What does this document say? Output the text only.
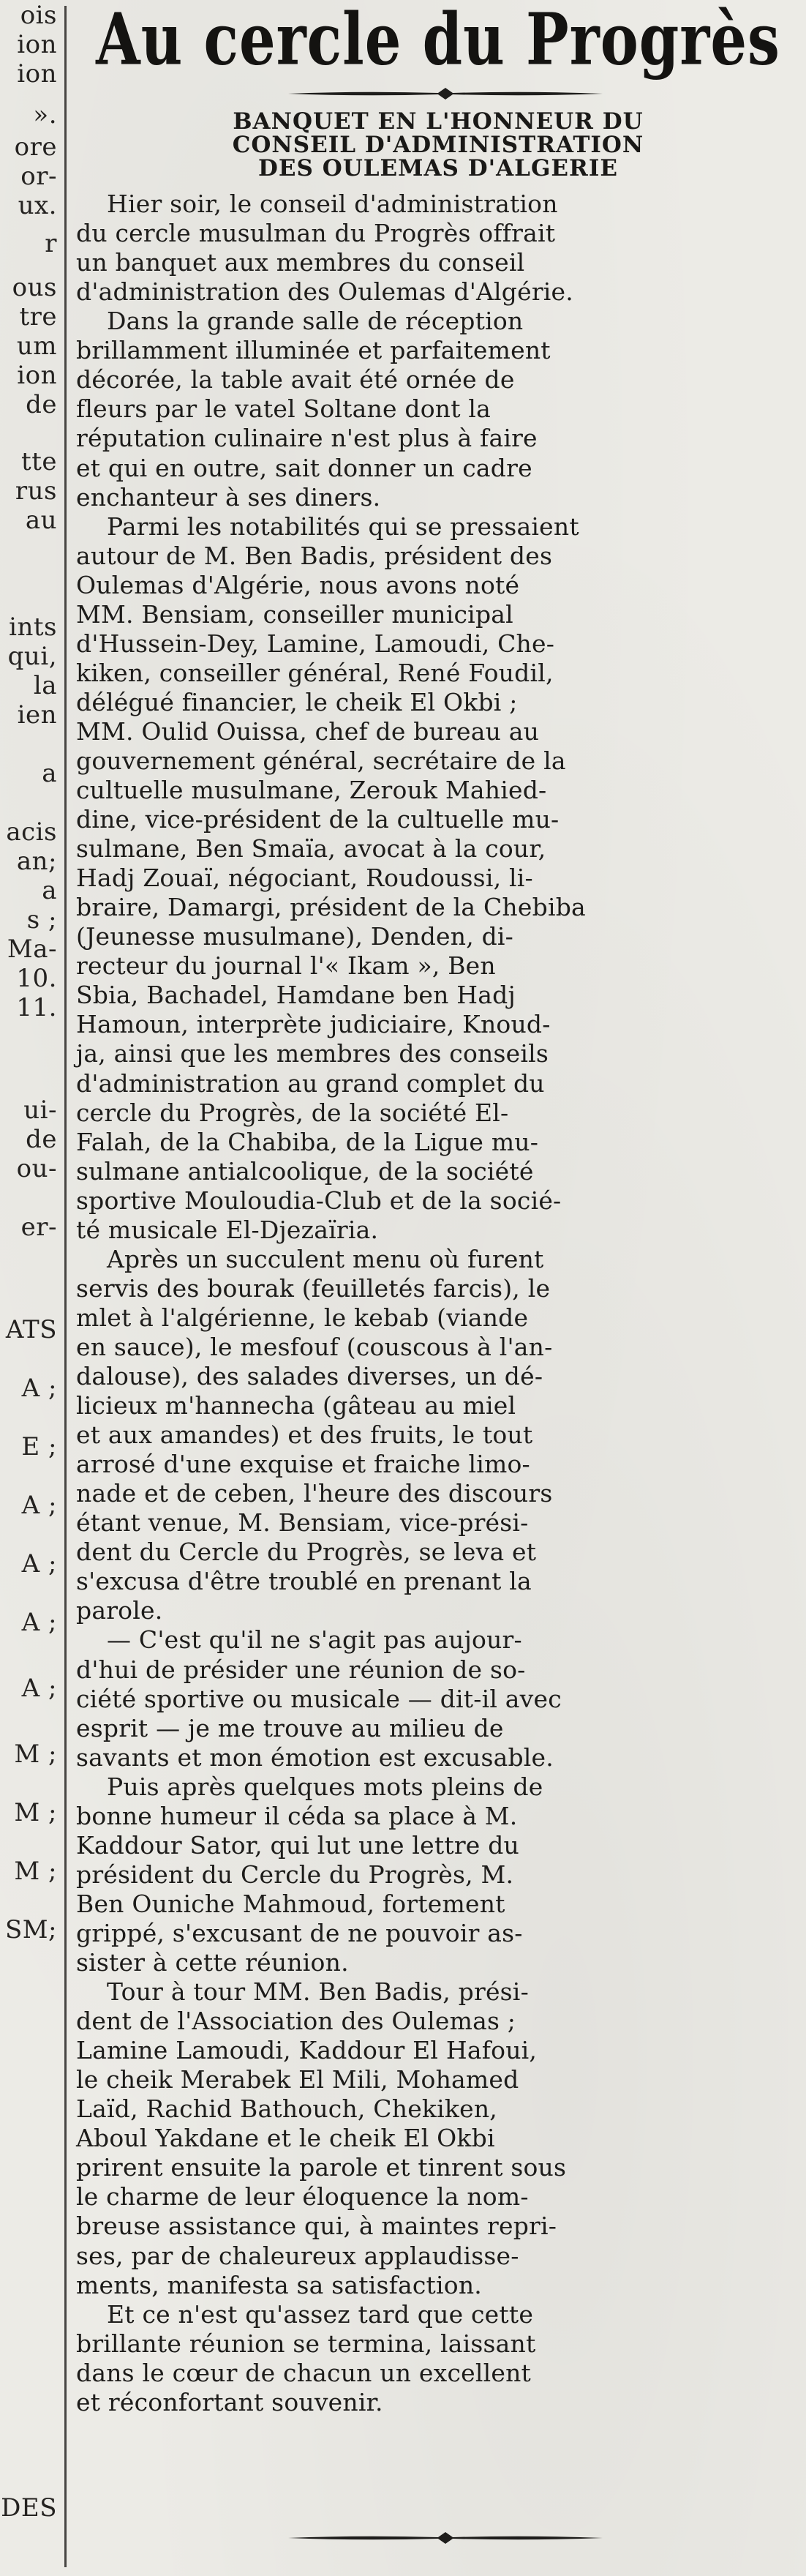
ois
ion
ion
».
ore
or-
ux.
r
ous
tre
um
ion
de
tte
rus
au
ints
qui,
la
ien
a
acis
an;
a
s ;
Ma-
10.
11.
ui-
de
ou-
er-
ATS
A ;
E ;
A ;
A ;
A ;
A ;
M ;
M ;
M ;
SM;
DES
Au cercle du Progrès
BANQUET EN L'HONNEUR DU
CONSEIL D'ADMINISTRATION
DES OULEMAS D'ALGERIE
Hier soir, le conseil d'administration
du cercle musulman du Progrès offrait
un banquet aux membres du conseil
d'administration des Oulemas d'Algérie.
Dans la grande salle de réception
brillamment illuminée et parfaitement
décorée, la table avait été ornée de
fleurs par le vatel Soltane dont la
réputation culinaire n'est plus à faire
et qui en outre, sait donner un cadre
enchanteur à ses diners.
Parmi les notabilités qui se pressaient
autour de M. Ben Badis, président des
Oulemas d'Algérie, nous avons noté
MM. Bensiam, conseiller municipal
d'Hussein-Dey, Lamine, Lamoudi, Che-
kiken, conseiller général, René Foudil,
délégué financier, le cheik El Okbi ;
MM. Oulid Ouissa, chef de bureau au
gouvernement général, secrétaire de la
cultuelle musulmane, Zerouk Mahied-
dine, vice-président de la cultuelle mu-
sulmane, Ben Smaïa, avocat à la cour,
Hadj Zouaï, négociant, Roudoussi, li-
braire, Damargi, président de la Chebiba
(Jeunesse musulmane), Denden, di-
recteur du journal l'« Ikam », Ben
Sbia, Bachadel, Hamdane ben Hadj
Hamoun, interprète judiciaire, Knoud-
ja, ainsi que les membres des conseils
d'administration au grand complet du
cercle du Progrès, de la société El-
Falah, de la Chabiba, de la Ligue mu-
sulmane antialcoolique, de la société
sportive Mouloudia-Club et de la socié-
té musicale El-Djezaïria.
Après un succulent menu où furent
servis des bourak (feuilletés farcis), le
mlet à l'algérienne, le kebab (viande
en sauce), le mesfouf (couscous à l'an-
dalouse), des salades diverses, un dé-
licieux m'hannecha (gâteau au miel
et aux amandes) et des fruits, le tout
arrosé d'une exquise et fraiche limo-
nade et de ceben, l'heure des discours
étant venue, M. Bensiam, vice-prési-
dent du Cercle du Progrès, se leva et
s'excusa d'être troublé en prenant la
parole.
— C'est qu'il ne s'agit pas aujour-
d'hui de présider une réunion de so-
ciété sportive ou musicale — dit-il avec
esprit — je me trouve au milieu de
savants et mon émotion est excusable.
Puis après quelques mots pleins de
bonne humeur il céda sa place à M.
Kaddour Sator, qui lut une lettre du
président du Cercle du Progrès, M.
Ben Ouniche Mahmoud, fortement
grippé, s'excusant de ne pouvoir as-
sister à cette réunion.
Tour à tour MM. Ben Badis, prési-
dent de l'Association des Oulemas ;
Lamine Lamoudi, Kaddour El Hafoui,
le cheik Merabek El Mili, Mohamed
Laïd, Rachid Bathouch, Chekiken,
Aboul Yakdane et le cheik El Okbi
prirent ensuite la parole et tinrent sous
le charme de leur éloquence la nom-
breuse assistance qui, à maintes repri-
ses, par de chaleureux applaudisse-
ments, manifesta sa satisfaction.
Et ce n'est qu'assez tard que cette
brillante réunion se termina, laissant
dans le cœur de chacun un excellent
et réconfortant souvenir.
